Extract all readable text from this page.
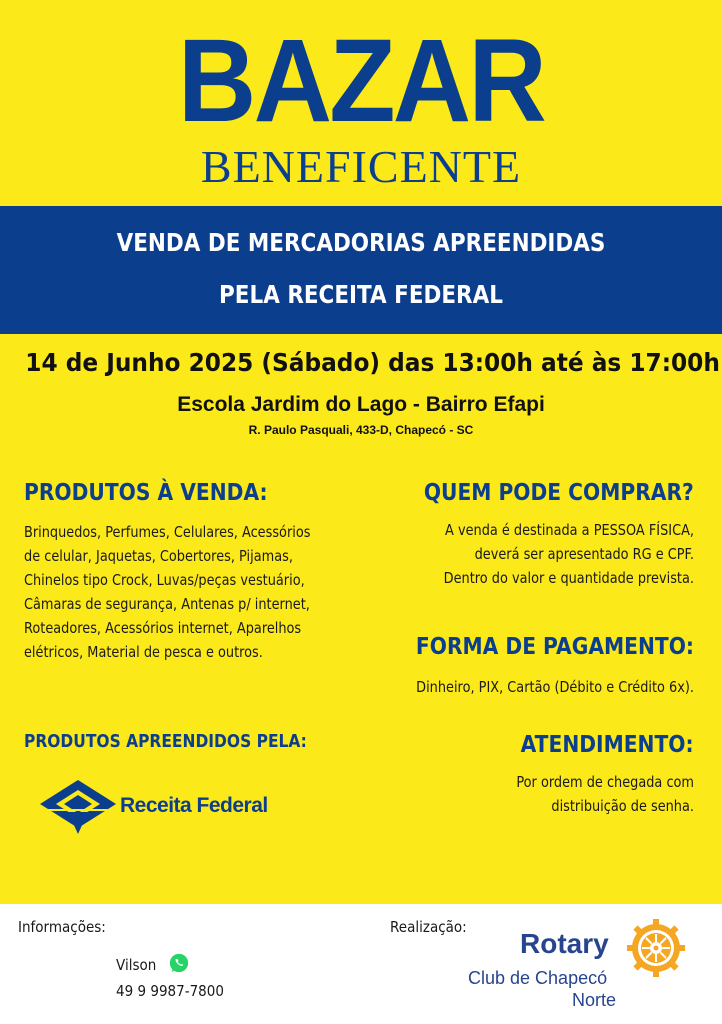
BAZAR
BENEFICENTE
VENDA DE MERCADORIAS APREENDIDAS
PELA RECEITA FEDERAL
14 de Junho 2025 (Sábado) das 13:00h até às 17:00h
Escola Jardim do Lago - Bairro Efapi
R. Paulo Pasquali, 433-D, Chapecó - SC
PRODUTOS À VENDA:
Brinquedos, Perfumes, Celulares, Acessórios
de celular, Jaquetas, Cobertores, Pijamas,
Chinelos tipo Crock, Luvas/peças vestuário,
Câmaras de segurança, Antenas p/ internet,
Roteadores, Acessórios internet, Aparelhos
elétricos, Material de pesca e outros.
PRODUTOS APREENDIDOS PELA:
Receita Federal
QUEM PODE COMPRAR?
A venda é destinada a PESSOA FÍSICA,
deverá ser apresentado RG e CPF.
Dentro do valor e quantidade prevista.
FORMA DE PAGAMENTO:
Dinheiro, PIX, Cartão (Débito e Crédito 6x).
ATENDIMENTO:
Por ordem de chegada com
distribuição de senha.
Informações:
Vilson
49 9 9987-7800
Realização:
Rotary
Club de Chapecó
Norte
